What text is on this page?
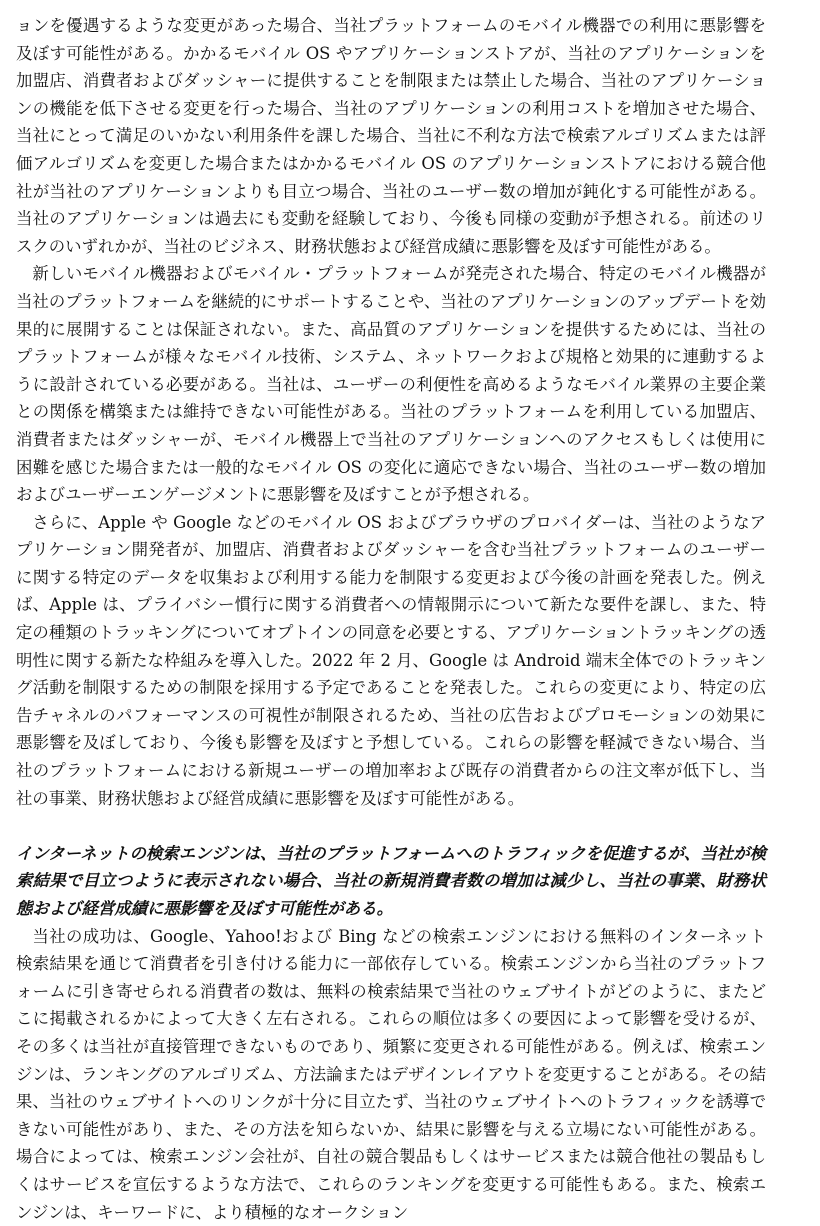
ョンを優遇するような変更があった場合、当社プラットフォームのモバイル機器での利用に悪影響を及ぼす可能性がある。かかるモバイル OS やアプリケーションストアが、当社のアプリケーションを加盟店、消費者およびダッシャーに提供することを制限または禁止した場合、当社のアプリケーションの機能を低下させる変更を行った場合、当社のアプリケーションの利用コストを増加させた場合、当社にとって満足のいかない利用条件を課した場合、当社に不利な方法で検索アルゴリズムまたは評価アルゴリズムを変更した場合またはかかるモバイル OS のアプリケーションストアにおける競合他社が当社のアプリケーションよりも目立つ場合、当社のユーザー数の増加が鈍化する可能性がある。当社のアプリケーションは過去にも変動を経験しており、今後も同様の変動が予想される。前述のリスクのいずれかが、当社のビジネス、財務状態および経営成績に悪影響を及ぼす可能性がある。

新しいモバイル機器およびモバイル・プラットフォームが発売された場合、特定のモバイル機器が当社のプラットフォームを継続的にサポートすることや、当社のアプリケーションのアップデートを効果的に展開することは保証されない。また、高品質のアプリケーションを提供するためには、当社のプラットフォームが様々なモバイル技術、システム、ネットワークおよび規格と効果的に連動するように設計されている必要がある。当社は、ユーザーの利便性を高めるようなモバイル業界の主要企業との関係を構築または維持できない可能性がある。当社のプラットフォームを利用している加盟店、消費者またはダッシャーが、モバイル機器上で当社のアプリケーションへのアクセスもしくは使用に困難を感じた場合または一般的なモバイル OS の変化に適応できない場合、当社のユーザー数の増加およびユーザーエンゲージメントに悪影響を及ぼすことが予想される。

さらに、Apple や Google などのモバイル OS およびブラウザのプロバイダーは、当社のようなアプリケーション開発者が、加盟店、消費者およびダッシャーを含む当社プラットフォームのユーザーに関する特定のデータを収集および利用する能力を制限する変更および今後の計画を発表した。例えば、Apple は、プライバシー慣行に関する消費者への情報開示について新たな要件を課し、また、特定の種類のトラッキングについてオプトインの同意を必要とする、アプリケーショントラッキングの透明性に関する新たな枠組みを導入した。2022 年 2 月、Google は Android 端末全体でのトラッキング活動を制限するための制限を採用する予定であることを発表した。これらの変更により、特定の広告チャネルのパフォーマンスの可視性が制限されるため、当社の広告およびプロモーションの効果に悪影響を及ぼしており、今後も影響を及ぼすと予想している。これらの影響を軽減できない場合、当社のプラットフォームにおける新規ユーザーの増加率および既存の消費者からの注文率が低下し、当社の事業、財務状態および経営成績に悪影響を及ぼす可能性がある。

インターネットの検索エンジンは、当社のプラットフォームへのトラフィックを促進するが、当社が検索結果で目立つように表示されない場合、当社の新規消費者数の増加は減少し、当社の事業、財務状態および経営成績に悪影響を及ぼす可能性がある。

当社の成功は、Google、Yahoo!および Bing などの検索エンジンにおける無料のインターネット検索結果を通じて消費者を引き付ける能力に一部依存している。検索エンジンから当社のプラットフォームに引き寄せられる消費者の数は、無料の検索結果で当社のウェブサイトがどのように、またどこに掲載されるかによって大きく左右される。これらの順位は多くの要因によって影響を受けるが、その多くは当社が直接管理できないものであり、頻繁に変更される可能性がある。例えば、検索エンジンは、ランキングのアルゴリズム、方法論またはデザインレイアウトを変更することがある。その結果、当社のウェブサイトへのリンクが十分に目立たず、当社のウェブサイトへのトラフィックを誘導できない可能性があり、また、その方法を知らないか、結果に影響を与える立場にない可能性がある。場合によっては、検索エンジン会社が、自社の競合製品もしくはサービスまたは競合他社の製品もしくはサービスを宣伝するような方法で、これらのランキングを変更する可能性もある。また、検索エンジンは、キーワードに、より積極的なオークション
